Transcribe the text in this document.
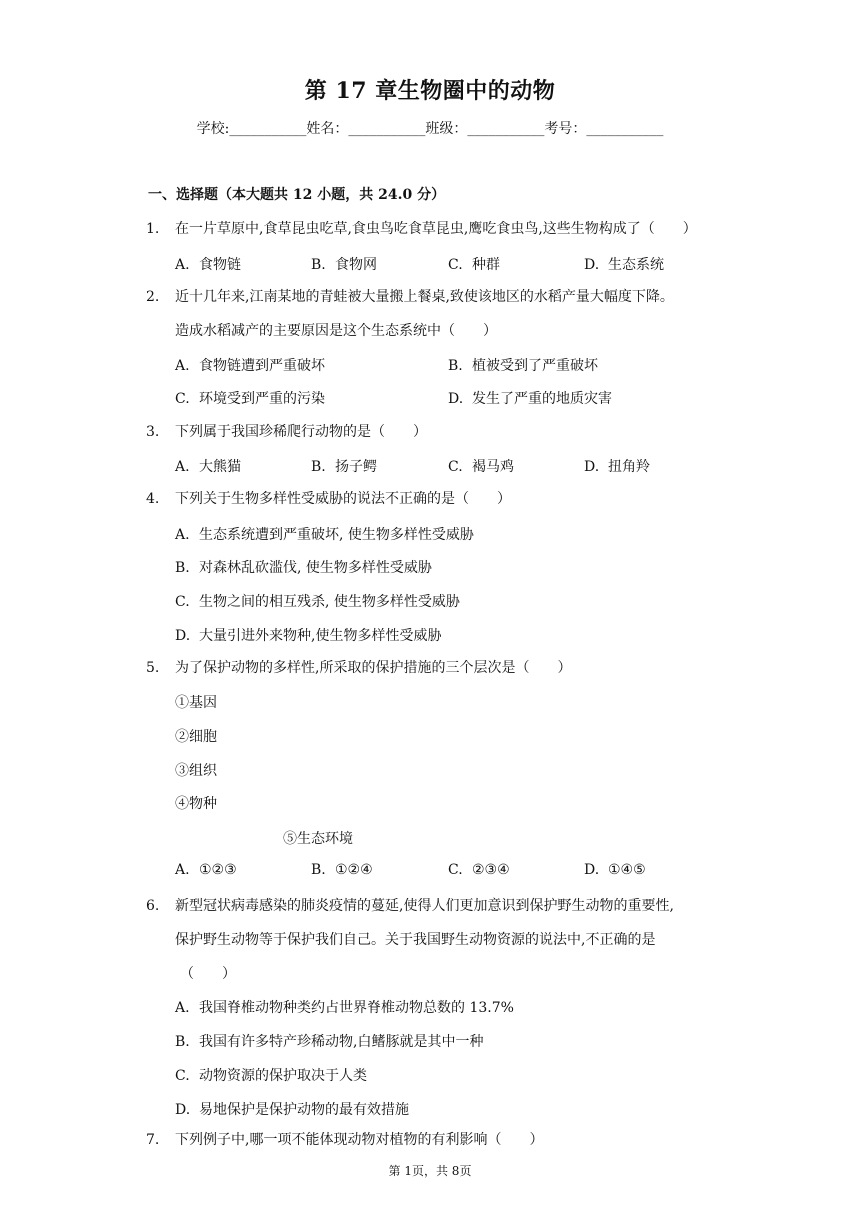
第 17 章生物圈中的动物
学校:___________姓名：___________班级：___________考号：___________
一、选择题（本大题共 12 小题，共 24.0 分）
1.	在一片草原中,食草昆虫吃草,食虫鸟吃食草昆虫,鹰吃食虫鸟,这些生物构成了（　　）
A. 食物链	B. 食物网	C. 种群	D. 生态系统
2.	近十几年来,江南某地的青蛙被大量搬上餐桌,致使该地区的水稻产量大幅度下降。
造成水稻减产的主要原因是这个生态系统中（　　）
A. 食物链遭到严重破坏	B. 植被受到了严重破坏
C. 环境受到严重的污染	D. 发生了严重的地质灾害
3.	下列属于我国珍稀爬行动物的是（　　）
A. 大熊猫	B. 扬子鳄	C. 褐马鸡	D. 扭角羚
4.	下列关于生物多样性受威胁的说法不正确的是（　　）
A. 生态系统遭到严重破坏, 使生物多样性受威胁
B. 对森林乱砍滥伐, 使生物多样性受威胁
C. 生物之间的相互残杀, 使生物多样性受威胁
D. 大量引进外来物种,使生物多样性受威胁
5.	为了保护动物的多样性,所采取的保护措施的三个层次是（　　）
①基因
②细胞
③组织
④物种
⑤生态环境
A. ①②③	B. ①②④	C. ②③④	D. ①④⑤
6.	新型冠状病毒感染的肺炎疫情的蔓延,使得人们更加意识到保护野生动物的重要性,
保护野生动物等于保护我们自己。关于我国野生动物资源的说法中,不正确的是
（　　）
A. 我国脊椎动物种类约占世界脊椎动物总数的 13.7%
B. 我国有许多特产珍稀动物,白鳍豚就是其中一种
C. 动物资源的保护取决于人类
D. 易地保护是保护动物的最有效措施
7.	下列例子中,哪一项不能体现动物对植物的有利影响（　　）
第 1页，共 8页
